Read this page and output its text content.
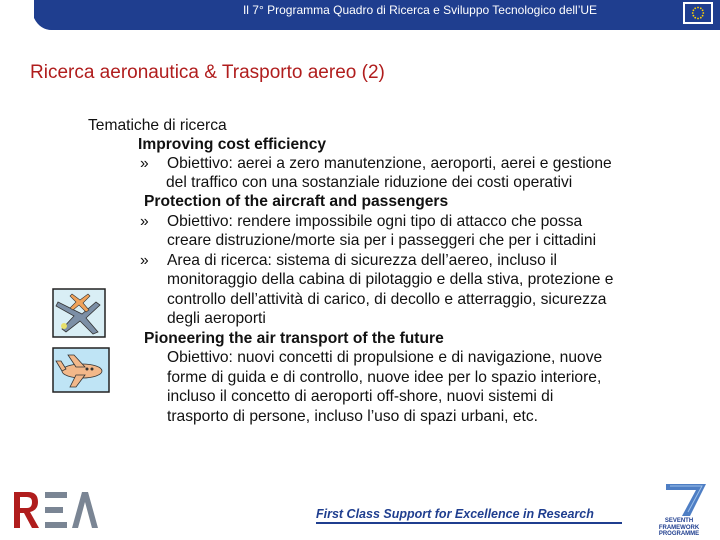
Il 7° Programma Quadro di Ricerca e Sviluppo Tecnologico dell’UE
Ricerca aeronautica & Trasporto aereo (2)
Tematiche di ricerca
Improving cost efficiency
» Obiettivo: aerei a zero manutenzione, aeroporti, aerei e gestione
del traffico con una sostanziale riduzione dei costi operativi
Protection of the aircraft and passengers
» Obiettivo: rendere impossibile ogni tipo di attacco che possa
creare distruzione/morte sia per i passeggeri che per i cittadini
» Area di ricerca: sistema di sicurezza dell’aereo, incluso il
monitoraggio della cabina di pilotaggio e della stiva, protezione e
controllo dell’attività di carico, di decollo e atterraggio, sicurezza
degli aeroporti
Pioneering the air transport of the future
Obiettivo: nuovi concetti di propulsione e di navigazione, nuove
forme di guida e di controllo, nuove idee per lo spazio interiore,
incluso il concetto di aeroporti off-shore, nuovi sistemi di
trasporto di persone, incluso l’uso di spazi urbani, etc.
First Class Support for Excellence in Research	SEVENTH FRAMEWORK
PROGRAMME
